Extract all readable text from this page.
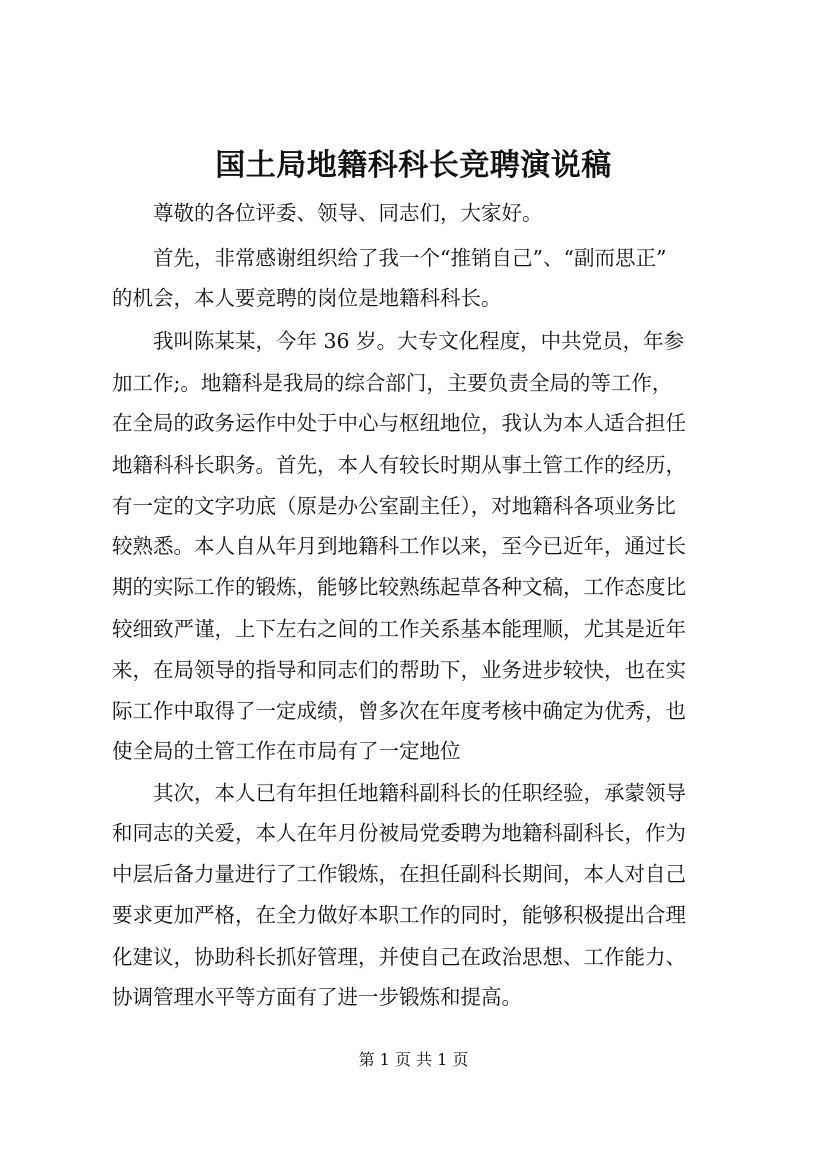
国土局地籍科科长竞聘演说稿
尊敬的各位评委、领导、同志们，大家好。
首先，非常感谢组织给了我一个“推销自己”、“副而思正”
的机会，本人要竞聘的岗位是地籍科科长。
我叫陈某某，今年 36 岁。大专文化程度，中共党员，年参
加工作;。地籍科是我局的综合部门，主要负责全局的等工作，
在全局的政务运作中处于中心与枢纽地位，我认为本人适合担任
地籍科科长职务。首先，本人有较长时期从事土管工作的经历，
有一定的文字功底（原是办公室副主任），对地籍科各项业务比
较熟悉。本人自从年月到地籍科工作以来，至今已近年，通过长
期的实际工作的锻炼，能够比较熟练起草各种文稿，工作态度比
较细致严谨，上下左右之间的工作关系基本能理顺，尤其是近年
来，在局领导的指导和同志们的帮助下，业务进步较快，也在实
际工作中取得了一定成绩，曾多次在年度考核中确定为优秀，也
使全局的土管工作在市局有了一定地位
其次，本人已有年担任地籍科副科长的任职经验，承蒙领导
和同志的关爱，本人在年月份被局党委聘为地籍科副科长，作为
中层后备力量进行了工作锻炼，在担任副科长期间，本人对自己
要求更加严格，在全力做好本职工作的同时，能够积极提出合理
化建议，协助科长抓好管理，并使自己在政治思想、工作能力、
协调管理水平等方面有了进一步锻炼和提高。
第 1 页 共 1 页
